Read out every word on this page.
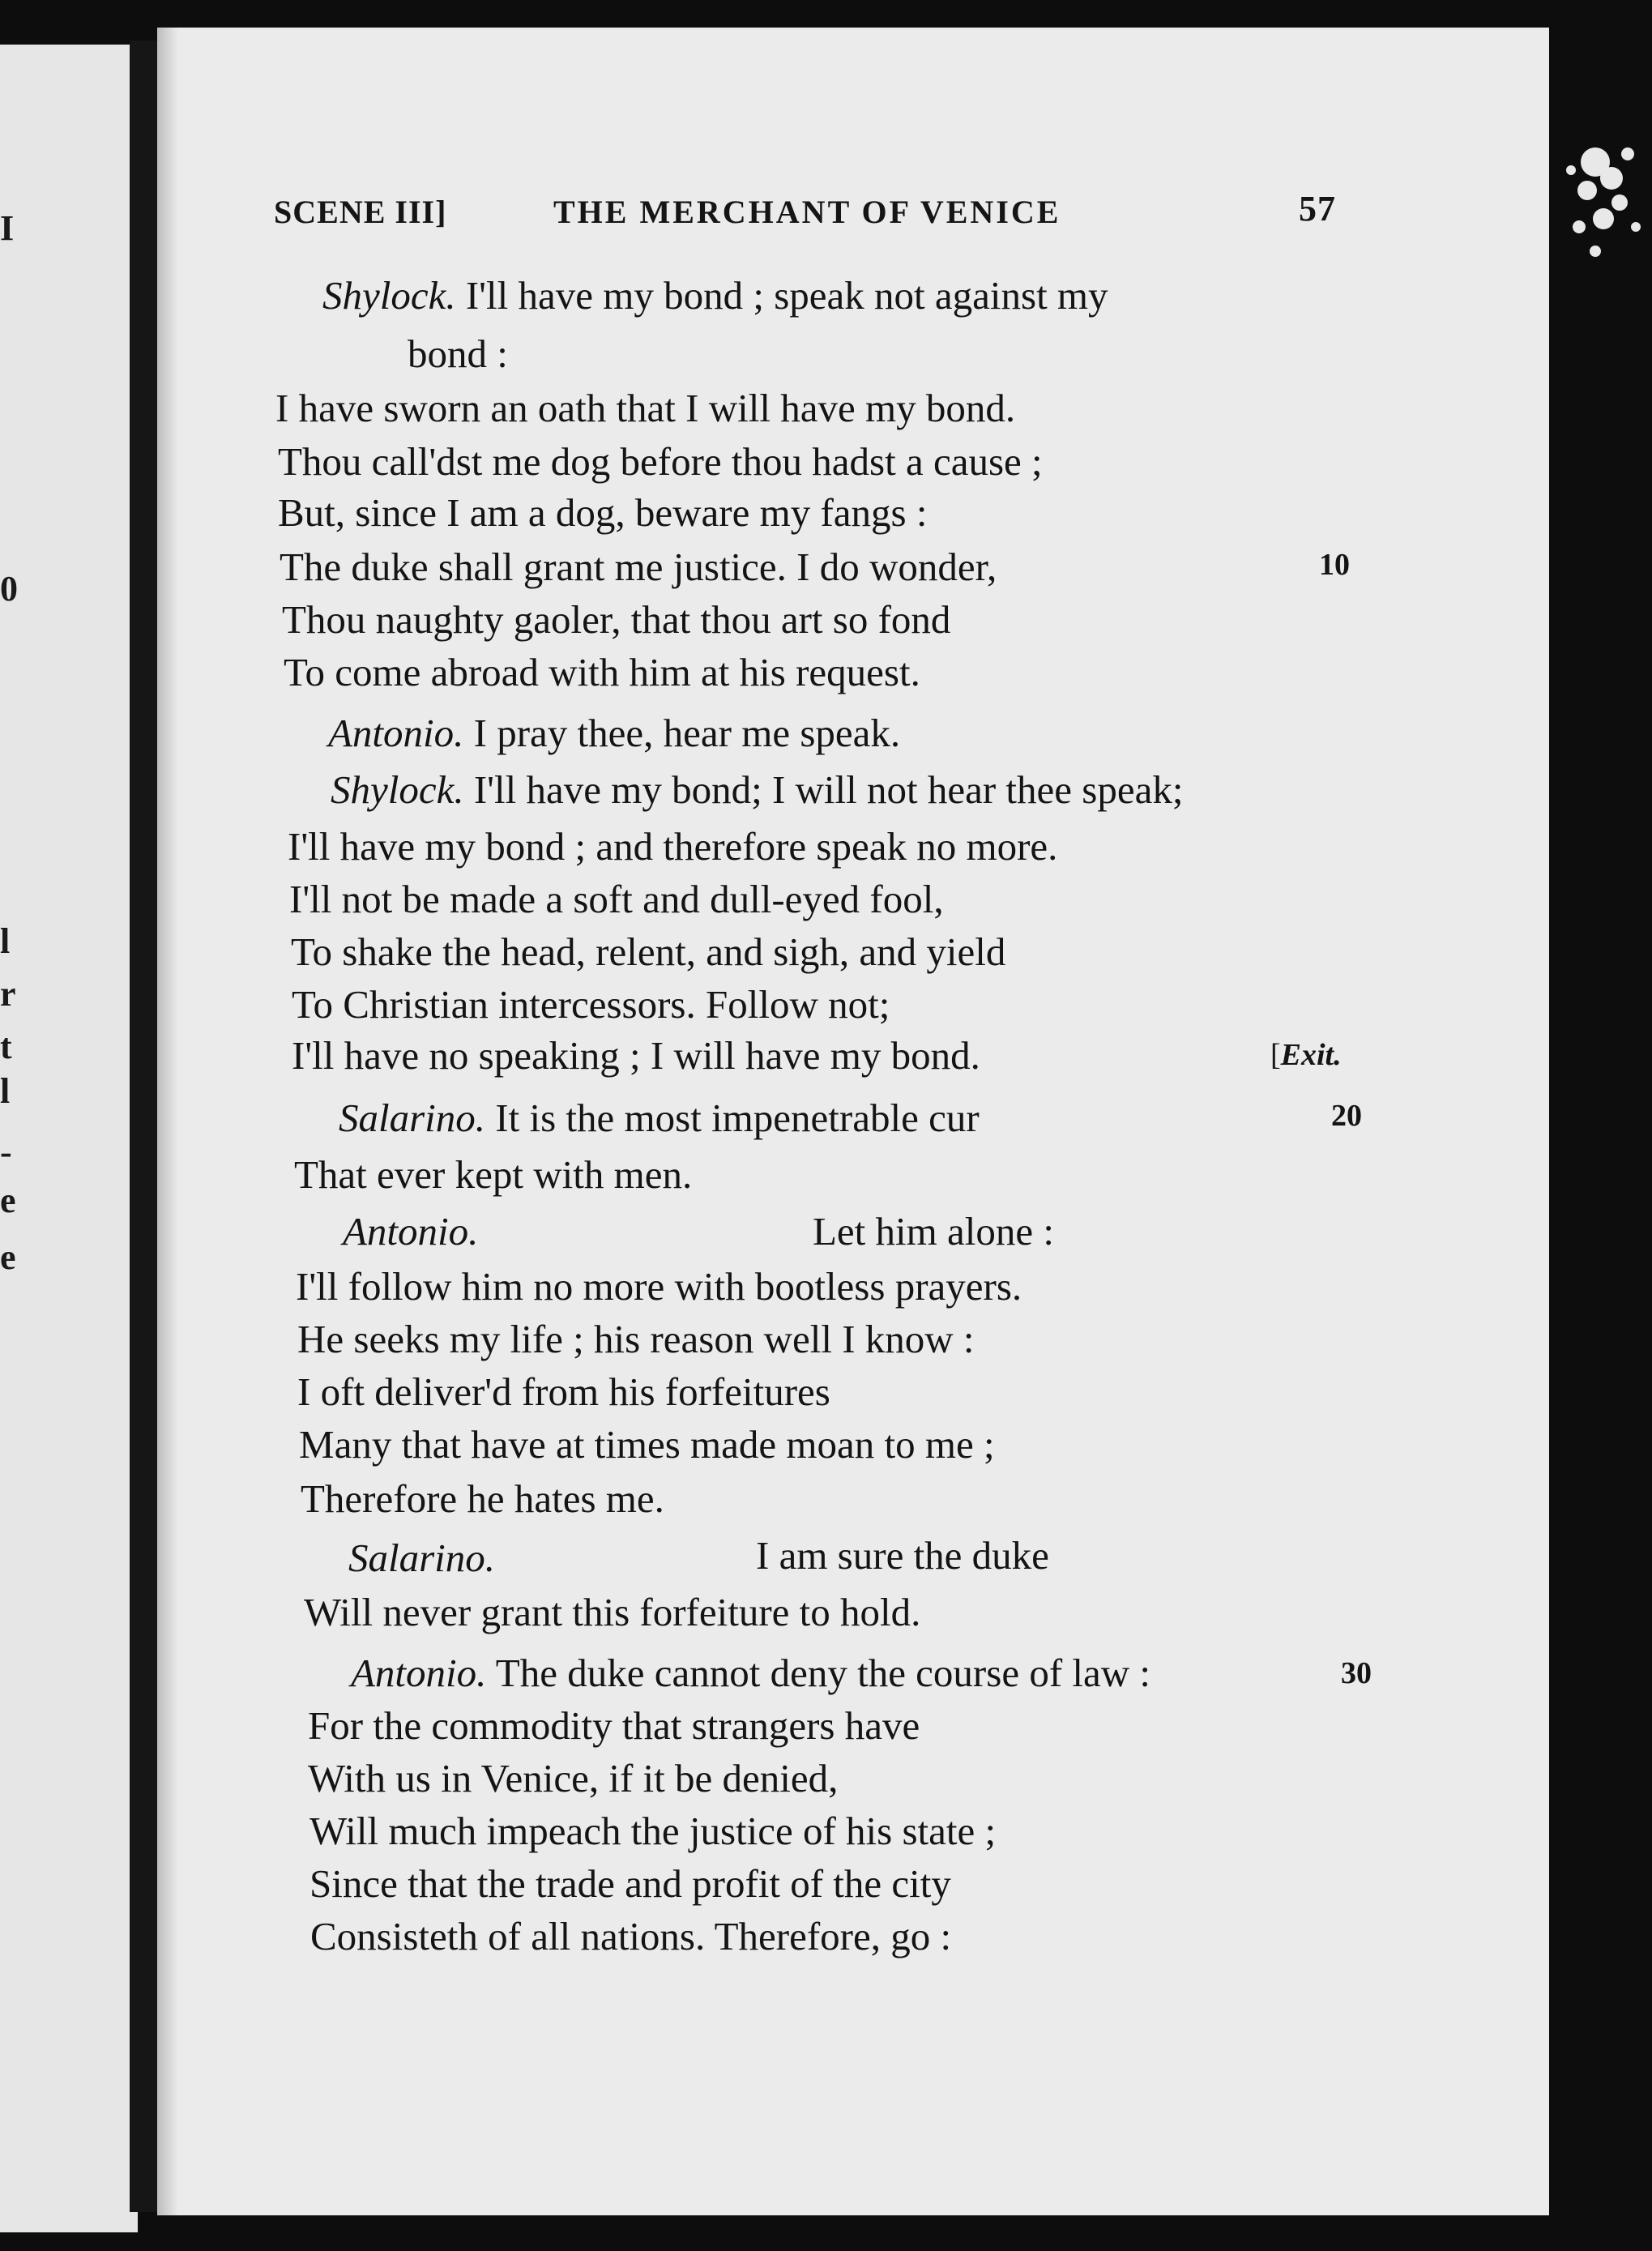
I
0
l
r
t
l
-
e
e
SCENE III]	THE MERCHANT OF VENICE	57
Shylock. I'll have my bond ; speak not against my
bond :
I have sworn an oath that I will have my bond.
Thou call'dst me dog before thou hadst a cause ;
But, since I am a dog, beware my fangs :
The duke shall grant me justice. I do wonder,
Thou naughty gaoler, that thou art so fond
To come abroad with him at his request.
Antonio. I pray thee, hear me speak.
Shylock. I'll have my bond; I will not hear thee speak;
I'll have my bond ; and therefore speak no more.
I'll not be made a soft and dull-eyed fool,
To shake the head, relent, and sigh, and yield
To Christian intercessors. Follow not;
I'll have no speaking ; I will have my bond.
Salarino. It is the most impenetrable cur
That ever kept with men.
Antonio.	Let him alone :
I'll follow him no more with bootless prayers.
He seeks my life ; his reason well I know :
I oft deliver'd from his forfeitures
Many that have at times made moan to me ;
Therefore he hates me.
Salarino.	I am sure the duke
Will never grant this forfeiture to hold.
Antonio. The duke cannot deny the course of law :
For the commodity that strangers have
With us in Venice, if it be denied,
Will much impeach the justice of his state ;
Since that the trade and profit of the city
Consisteth of all nations. Therefore, go :
10
20
30
[Exit.
